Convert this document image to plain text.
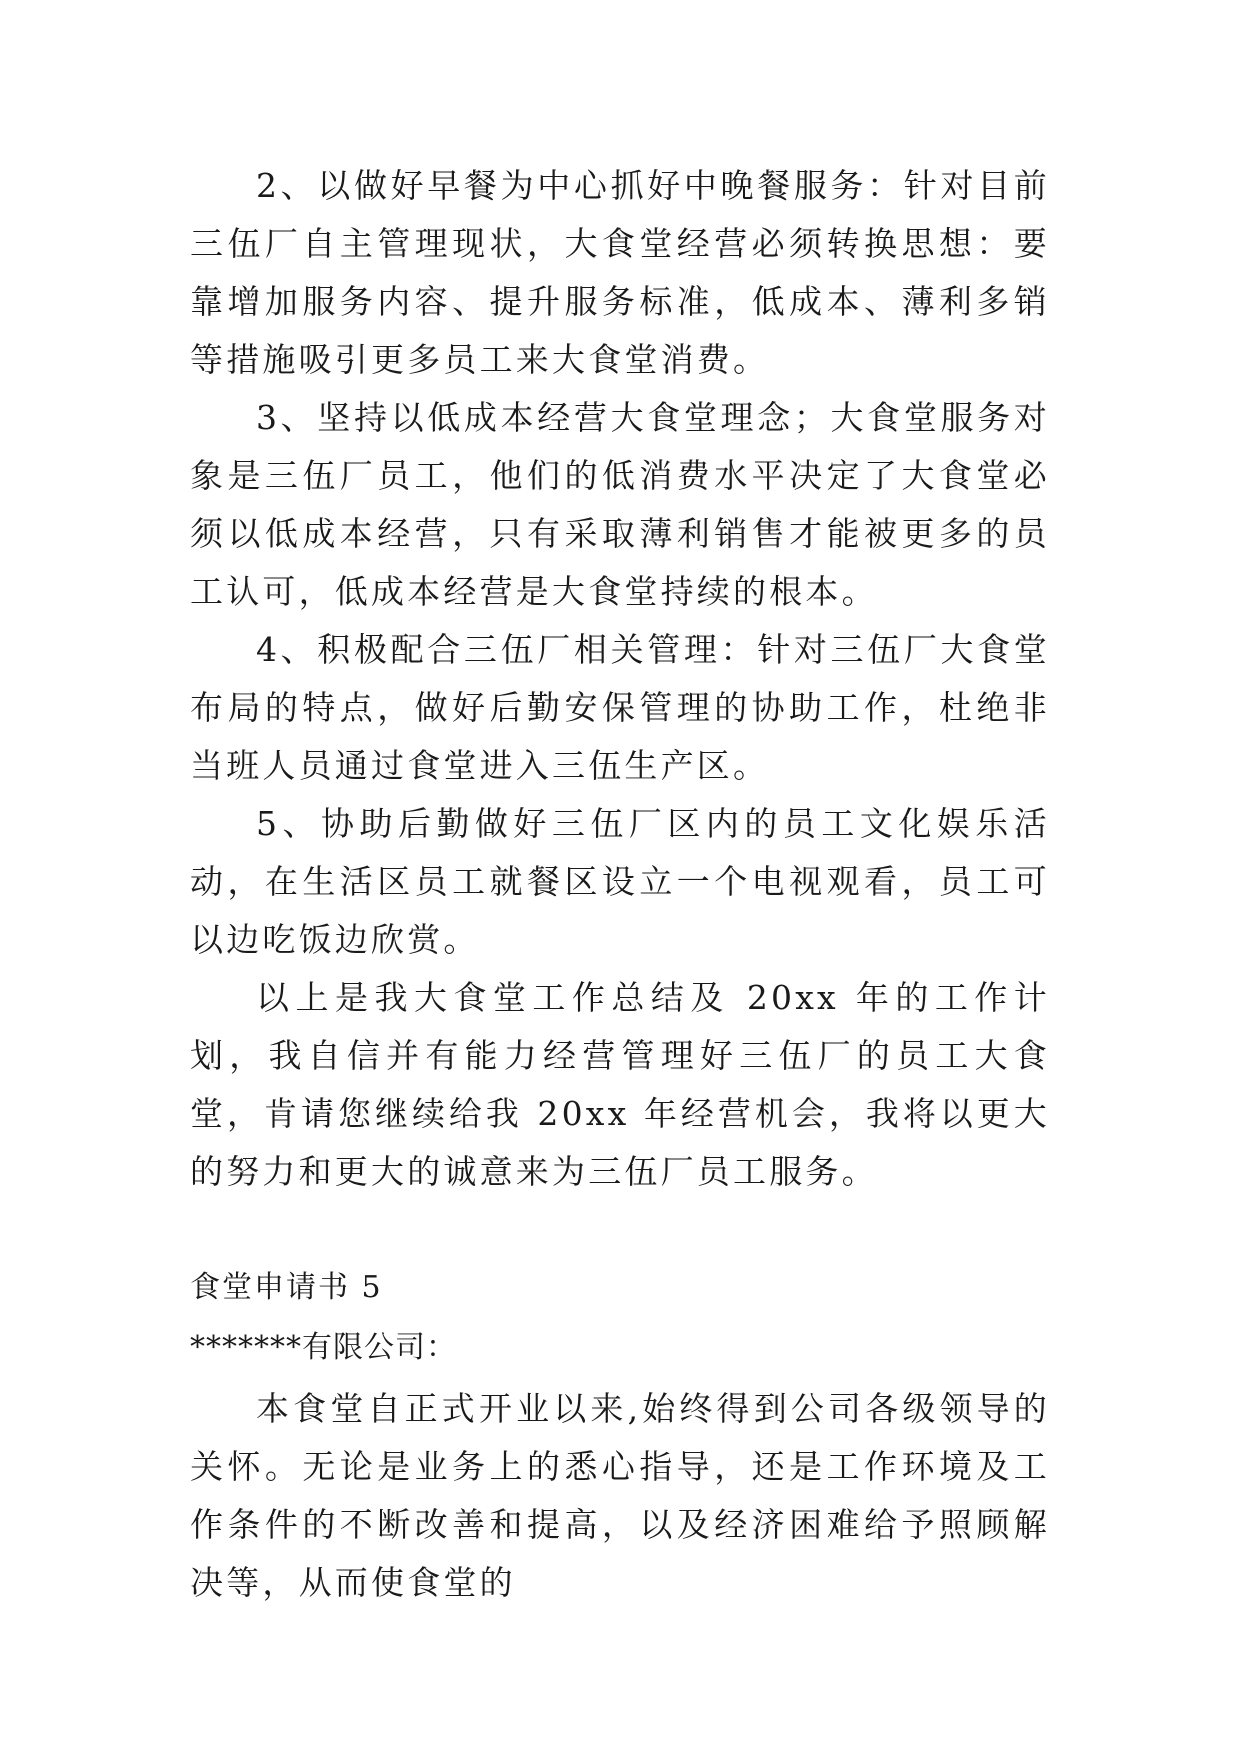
2、以做好早餐为中心抓好中晚餐服务：针对目前三伍厂自主管理现状，大食堂经营必须转换思想：要靠增加服务内容、提升服务标准，低成本、薄利多销等措施吸引更多员工来大食堂消费。

3、坚持以低成本经营大食堂理念；大食堂服务对象是三伍厂员工，他们的低消费水平决定了大食堂必须以低成本经营，只有采取薄利销售才能被更多的员工认可，低成本经营是大食堂持续的根本。

4、积极配合三伍厂相关管理：针对三伍厂大食堂布局的特点，做好后勤安保管理的协助工作，杜绝非当班人员通过食堂进入三伍生产区。

5、协助后勤做好三伍厂区内的员工文化娱乐活动，在生活区员工就餐区设立一个电视观看，员工可以边吃饭边欣赏。

以上是我大食堂工作总结及 20xx 年的工作计划，我自信并有能力经营管理好三伍厂的员工大食堂，肯请您继续给我 20xx 年经营机会，我将以更大的努力和更大的诚意来为三伍厂员工服务。

食堂申请书 5

*******有限公司：

本食堂自正式开业以来,始终得到公司各级领导的关怀。无论是业务上的悉心指导，还是工作环境及工作条件的不断改善和提高，以及经济困难给予照顾解决等，从而使食堂的
